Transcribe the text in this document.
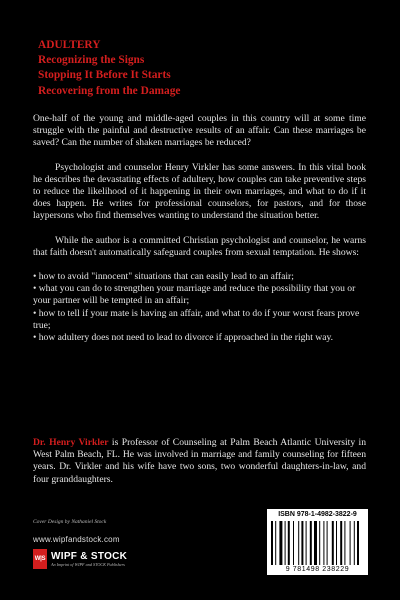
ADULTERY
Recognizing the Signs
Stopping It Before It Starts
Recovering from the Damage

One-half of the young and middle-aged couples in this country will at some time struggle with the painful and destructive results of an affair. Can these marriages be saved? Can the number of shaken marriages be reduced?

Psychologist and counselor Henry Virkler has some answers. In this vital book he describes the devastating effects of adultery, how couples can take preventive steps to reduce the likelihood of it happening in their own marriages, and what to do if it does happen. He writes for professional counselors, for pastors, and for those laypersons who find themselves wanting to understand the situation better.

While the author is a committed Christian psychologist and counselor, he warns that faith doesn't automatically safeguard couples from sexual temptation. He shows:

• how to avoid "innocent" situations that can easily lead to an affair;
• what you can do to strengthen your marriage and reduce the possibility that you or your partner will be tempted in an affair;
• how to tell if your mate is having an affair, and what to do if your worst fears prove true;
• how adultery does not need to lead to divorce if approached in the right way.
Dr. Henry Virkler is Professor of Counseling at Palm Beach Atlantic University in West Palm Beach, FL. He was involved in marriage and family counseling for fifteen years. Dr. Virkler and his wife have two sons, two wonderful daughters-in-law, and four granddaughters.
Cover Design by Nathaniel Stock
www.wipfandstock.com
W|S WIPF & STOCK
An Imprint of WIPF and STOCK Publishers
ISBN 978-1-4982-3822-9
9 781498 238229
